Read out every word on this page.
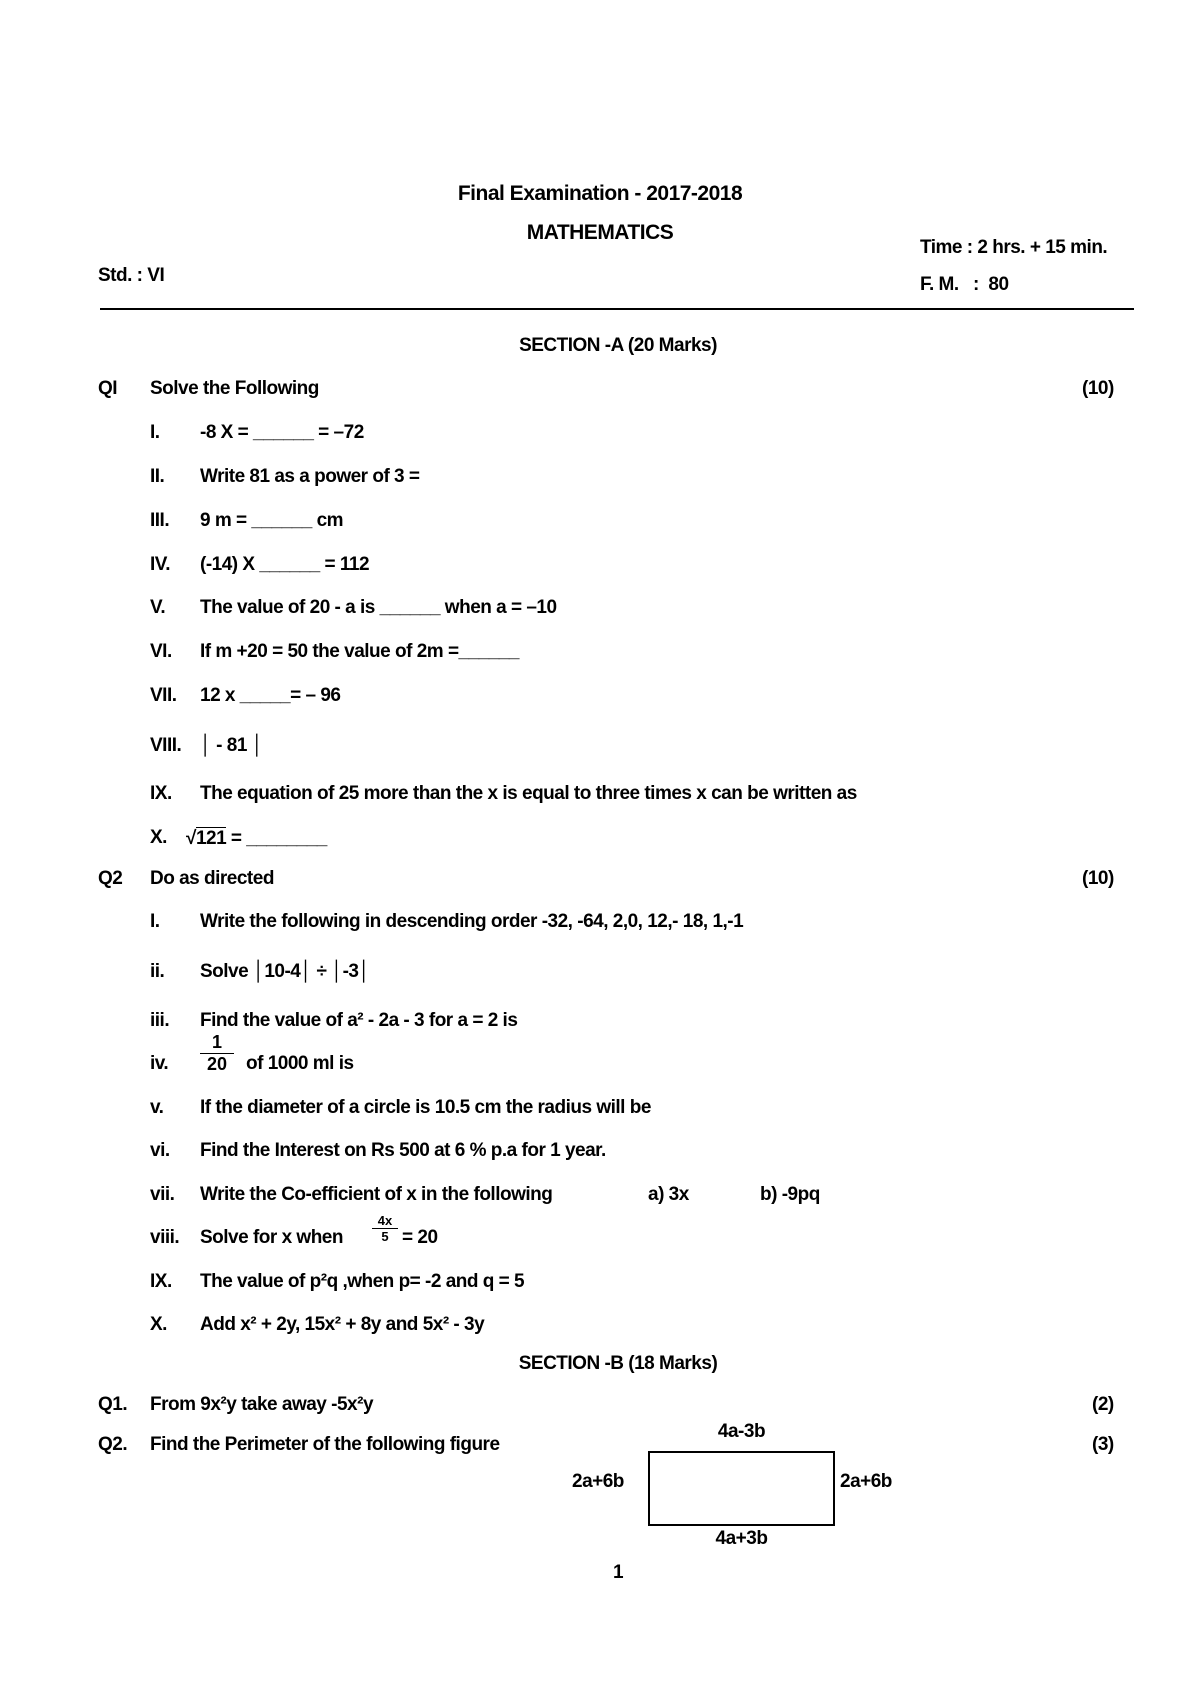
Final Examination - 2017-2018
MATHEMATICS
Std. : VI
Time : 2 hrs. + 15 min.
F. M.   :  80
SECTION -A (20 Marks)
QI Solve the Following	(10)
I. -8 X = ______ = –72
II. Write 81 as a power of 3 =
III. 9 m = ______ cm
IV. (-14) X ______ = 112
V. The value of 20 - a is ______ when a = –10
VI. If m +20 = 50 the value of 2m =______
VII. 12 x _____= – 96
VIII. │ - 81 │
IX. The equation of 25 more than the x is equal to three times x can be written as
X. √121 = ________
Q2 Do as directed	(10)
I. Write the following in descending order -32, -64, 2,0, 12,- 18, 1,-1
ii. Solve │10-4│ ÷ │-3│
iii. Find the value of a² - 2a - 3 for a = 2 is
iv. $\frac{1}{20}$ of 1000 ml is
v. If the diameter of a circle is 10.5 cm the radius will be
vi. Find the Interest on Rs 500 at 6 % p.a for 1 year.
vii. Write the Co-efficient of x in the following	a) 3x	b) -9pq
viii. Solve for x when $\frac{4x}{5} = 20$
IX. The value of p²q ,when p= -2 and q = 5
X. Add x² + 2y, 15x² + 8y and 5x² - 3y
SECTION -B (18 Marks)
Q1. From 9x²y take away -5x²y	(2)
Q2. Find the Perimeter of the following figure	(3)
4a-3b
4a+3b
2a+6b	2a+6b
1
